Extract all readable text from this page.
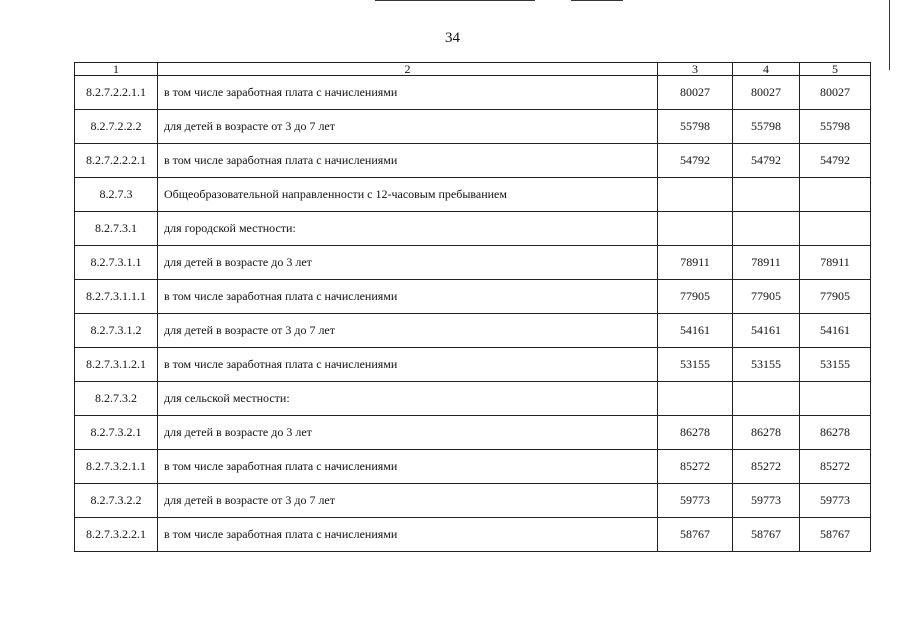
34
1	2	3	4	5
8.2.7.2.2.1.1	в том числе заработная плата с начислениями	80027	80027	80027
8.2.7.2.2.2	для детей в возрасте от 3 до 7 лет	55798	55798	55798
8.2.7.2.2.2.1	в том числе заработная плата с начислениями	54792	54792	54792
8.2.7.3	Общеобразовательной направленности с 12-часовым пребыванием			
8.2.7.3.1	для городской местности:			
8.2.7.3.1.1	для детей в возрасте до 3 лет	78911	78911	78911
8.2.7.3.1.1.1	в том числе заработная плата с начислениями	77905	77905	77905
8.2.7.3.1.2	для детей в возрасте от 3 до 7 лет	54161	54161	54161
8.2.7.3.1.2.1	в том числе заработная плата с начислениями	53155	53155	53155
8.2.7.3.2	для сельской местности:			
8.2.7.3.2.1	для детей в возрасте до 3 лет	86278	86278	86278
8.2.7.3.2.1.1	в том числе заработная плата с начислениями	85272	85272	85272
8.2.7.3.2.2	для детей в возрасте от 3 до 7 лет	59773	59773	59773
8.2.7.3.2.2.1	в том числе заработная плата с начислениями	58767	58767	58767
